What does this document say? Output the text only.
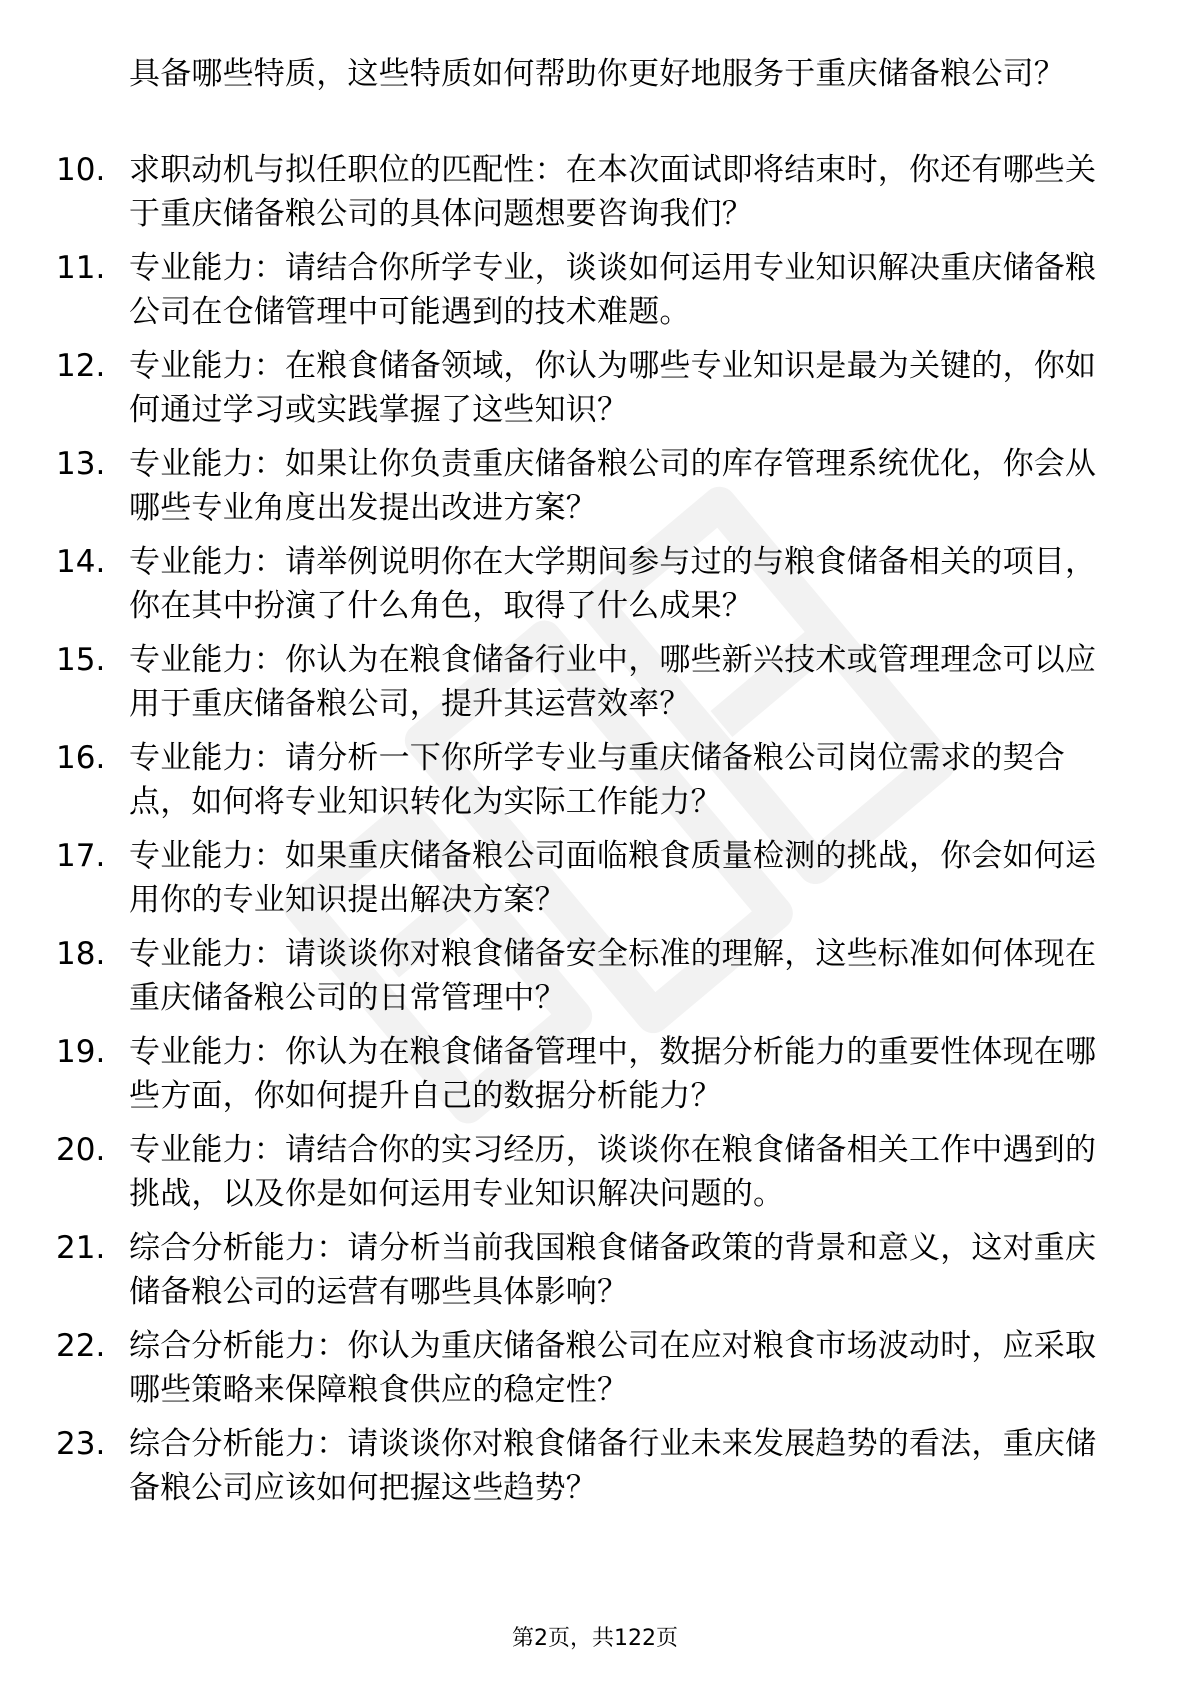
具备哪些特质，这些特质如何帮助你更好地服务于重庆储备粮公司？
10. 求职动机与拟任职位的匹配性：在本次面试即将结束时，你还有哪些关于重庆储备粮公司的具体问题想要咨询我们？
11. 专业能力：请结合你所学专业，谈谈如何运用专业知识解决重庆储备粮公司在仓储管理中可能遇到的技术难题。
12. 专业能力：在粮食储备领域，你认为哪些专业知识是最为关键的，你如何通过学习或实践掌握了这些知识？
13. 专业能力：如果让你负责重庆储备粮公司的库存管理系统优化，你会从哪些专业角度出发提出改进方案？
14. 专业能力：请举例说明你在大学期间参与过的与粮食储备相关的项目，你在其中扮演了什么角色，取得了什么成果？
15. 专业能力：你认为在粮食储备行业中，哪些新兴技术或管理理念可以应用于重庆储备粮公司，提升其运营效率？
16. 专业能力：请分析一下你所学专业与重庆储备粮公司岗位需求的契合点，如何将专业知识转化为实际工作能力？
17. 专业能力：如果重庆储备粮公司面临粮食质量检测的挑战，你会如何运用你的专业知识提出解决方案？
18. 专业能力：请谈谈你对粮食储备安全标准的理解，这些标准如何体现在重庆储备粮公司的日常管理中？
19. 专业能力：你认为在粮食储备管理中，数据分析能力的重要性体现在哪些方面，你如何提升自己的数据分析能力？
20. 专业能力：请结合你的实习经历，谈谈你在粮食储备相关工作中遇到的挑战，以及你是如何运用专业知识解决问题的。
21. 综合分析能力：请分析当前我国粮食储备政策的背景和意义，这对重庆储备粮公司的运营有哪些具体影响？
22. 综合分析能力：你认为重庆储备粮公司在应对粮食市场波动时，应采取哪些策略来保障粮食供应的稳定性？
23. 综合分析能力：请谈谈你对粮食储备行业未来发展趋势的看法，重庆储备粮公司应该如何把握这些趋势？
第2页，共122页
